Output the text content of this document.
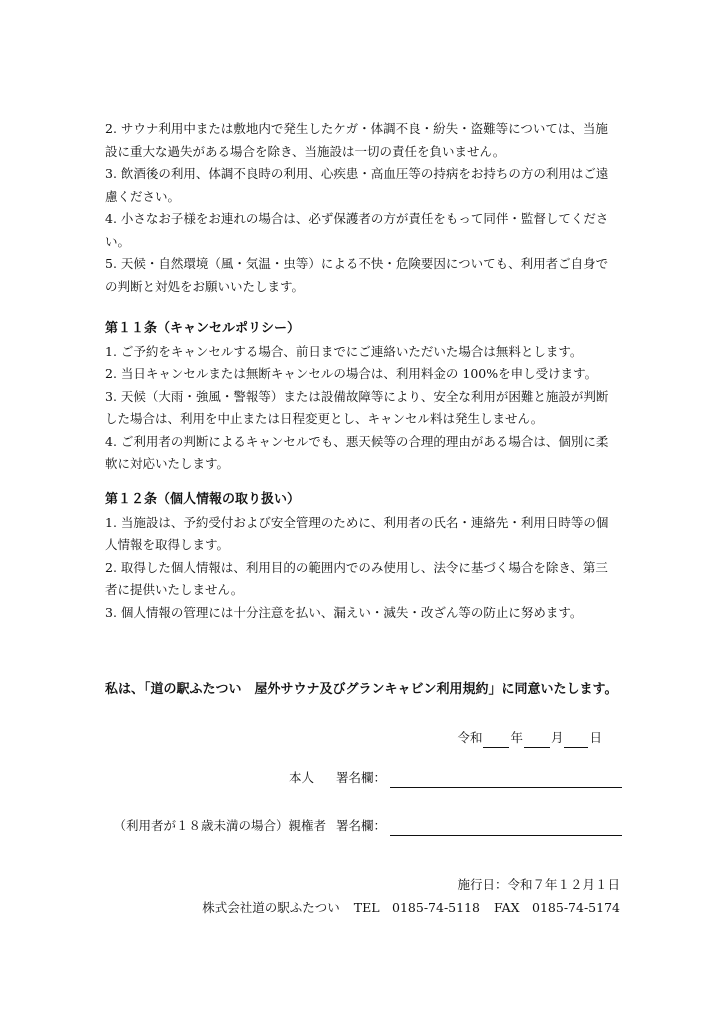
2. サウナ利用中または敷地内で発生したケガ・体調不良・紛失・盗難等については、当施
設に重大な過失がある場合を除き、当施設は一切の責任を負いません。
3. 飲酒後の利用、体調不良時の利用、心疾患・高血圧等の持病をお持ちの方の利用はご遠
慮ください。
4. 小さなお子様をお連れの場合は、必ず保護者の方が責任をもって同伴・監督してくださ
い。
5. 天候・自然環境（風・気温・虫等）による不快・危険要因についても、利用者ご自身で
の判断と対処をお願いいたします。
第１１条（キャンセルポリシー）
1. ご予約をキャンセルする場合、前日までにご連絡いただいた場合は無料とします。
2. 当日キャンセルまたは無断キャンセルの場合は、利用料金の 100%を申し受けます。
3. 天候（大雨・強風・警報等）または設備故障等により、安全な利用が困難と施設が判断
した場合は、利用を中止または日程変更とし、キャンセル料は発生しません。
4. ご利用者の判断によるキャンセルでも、悪天候等の合理的理由がある場合は、個別に柔
軟に対応いたします。
第１２条（個人情報の取り扱い）
1. 当施設は、予約受付および安全管理のために、利用者の氏名・連絡先・利用日時等の個
人情報を取得します。
2. 取得した個人情報は、利用目的の範囲内でのみ使用し、法令に基づく場合を除き、第三
者に提供いたしません。
3. 個人情報の管理には十分注意を払い、漏えい・滅失・改ざん等の防止に努めます。
私は、「道の駅ふたつい　屋外サウナ及びグランキャビン利用規約」に同意いたします。
令和 年 月 日
本人 署名欄：
（利用者が１８歳未満の場合）親権者 署名欄：
施行日：令和７年１２月１日
株式会社道の駅ふたつい TEL　0185-74-5118 FAX　0185-74-5174
